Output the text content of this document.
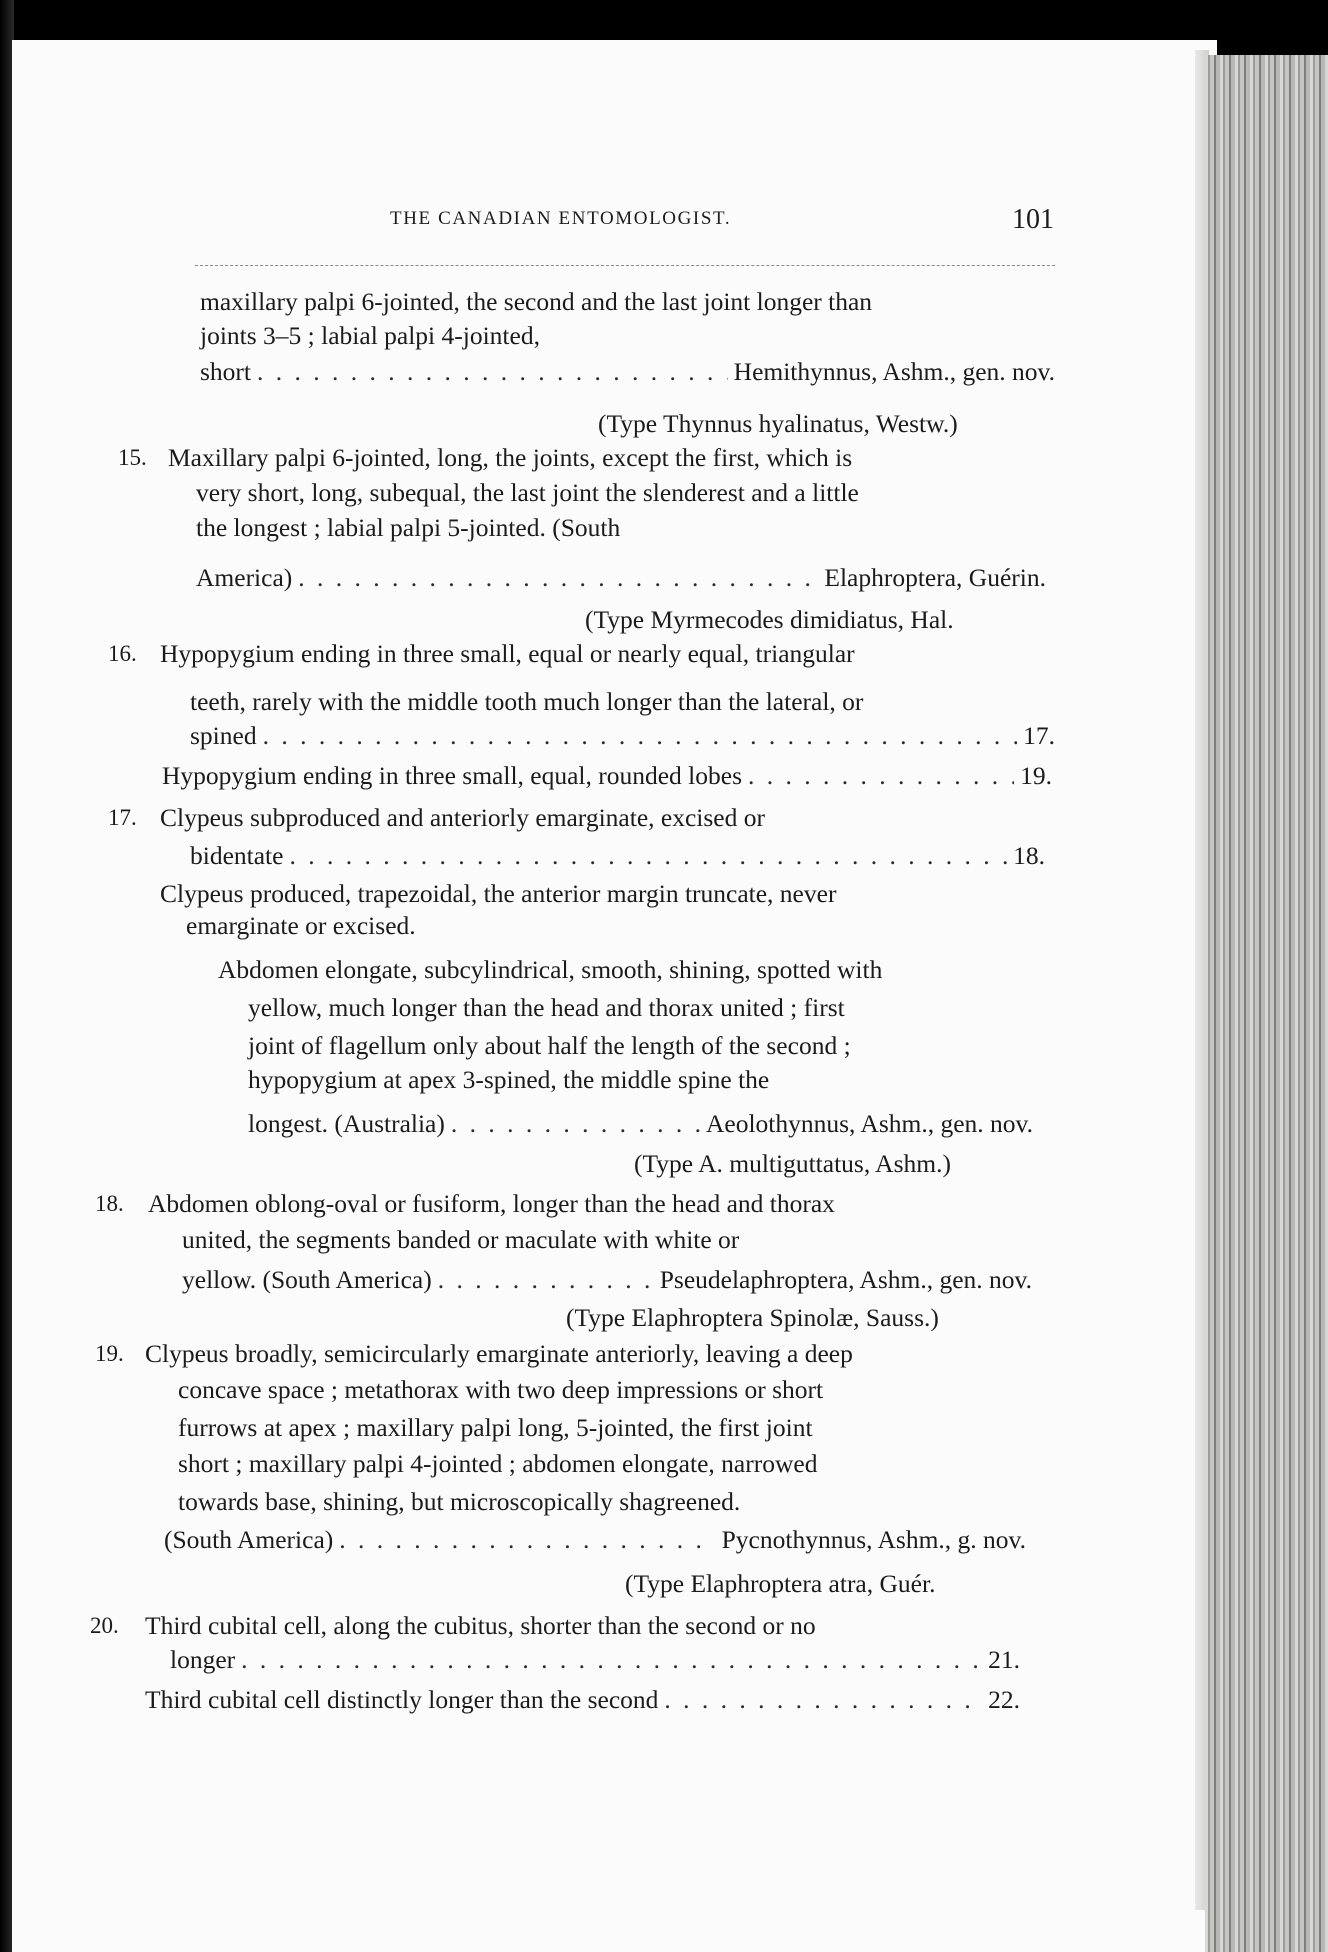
THE CANADIAN ENTOMOLOGIST.	101
maxillary palpi 6-jointed, the second and the last joint longer than
joints 3–5 ; labial palpi 4-jointed,
short . . .	Hemithynnus, Ashm., gen. nov.
(Type Thynnus hyalinatus, Westw.)
15. Maxillary palpi 6-jointed, long, the joints, except the first, which is
very short, long, subequal, the last joint the slenderest and a little
the longest ; labial palpi 5-jointed. (South
America) . . .	Elaphroptera, Guérin.
(Type Myrmecodes dimidiatus, Hal.
16. Hypopygium ending in three small, equal or nearly equal, triangular
teeth, rarely with the middle tooth much longer than the lateral, or
spined . . .	17.
Hypopygium ending in three small, equal, rounded lobes . . .	19.
17. Clypeus subproduced and anteriorly emarginate, excised or
bidentate . . .	18.
Clypeus produced, trapezoidal, the anterior margin truncate, never
emarginate or excised.
Abdomen elongate, subcylindrical, smooth, shining, spotted with
yellow, much longer than the head and thorax united ; first
joint of flagellum only about half the length of the second ;
hypopygium at apex 3-spined, the middle spine the
longest. (Australia) . . .	Aeolothynnus, Ashm., gen. nov.
(Type A. multiguttatus, Ashm.)
18. Abdomen oblong-oval or fusiform, longer than the head and thorax
united, the segments banded or maculate with white or
yellow. (South America) . . .	Pseudelaphroptera, Ashm., gen. nov.
(Type Elaphroptera Spinolæ, Sauss.)
19. Clypeus broadly, semicircularly emarginate anteriorly, leaving a deep
concave space ; metathorax with two deep impressions or short
furrows at apex ; maxillary palpi long, 5-jointed, the first joint
short ; maxillary palpi 4-jointed ; abdomen elongate, narrowed
towards base, shining, but microscopically shagreened.
(South America) . . .	Pycnothynnus, Ashm., g. nov.
(Type Elaphroptera atra, Guér.
20. Third cubital cell, along the cubitus, shorter than the second or no
longer . . .	21.
Third cubital cell distinctly longer than the second . . .	22.
